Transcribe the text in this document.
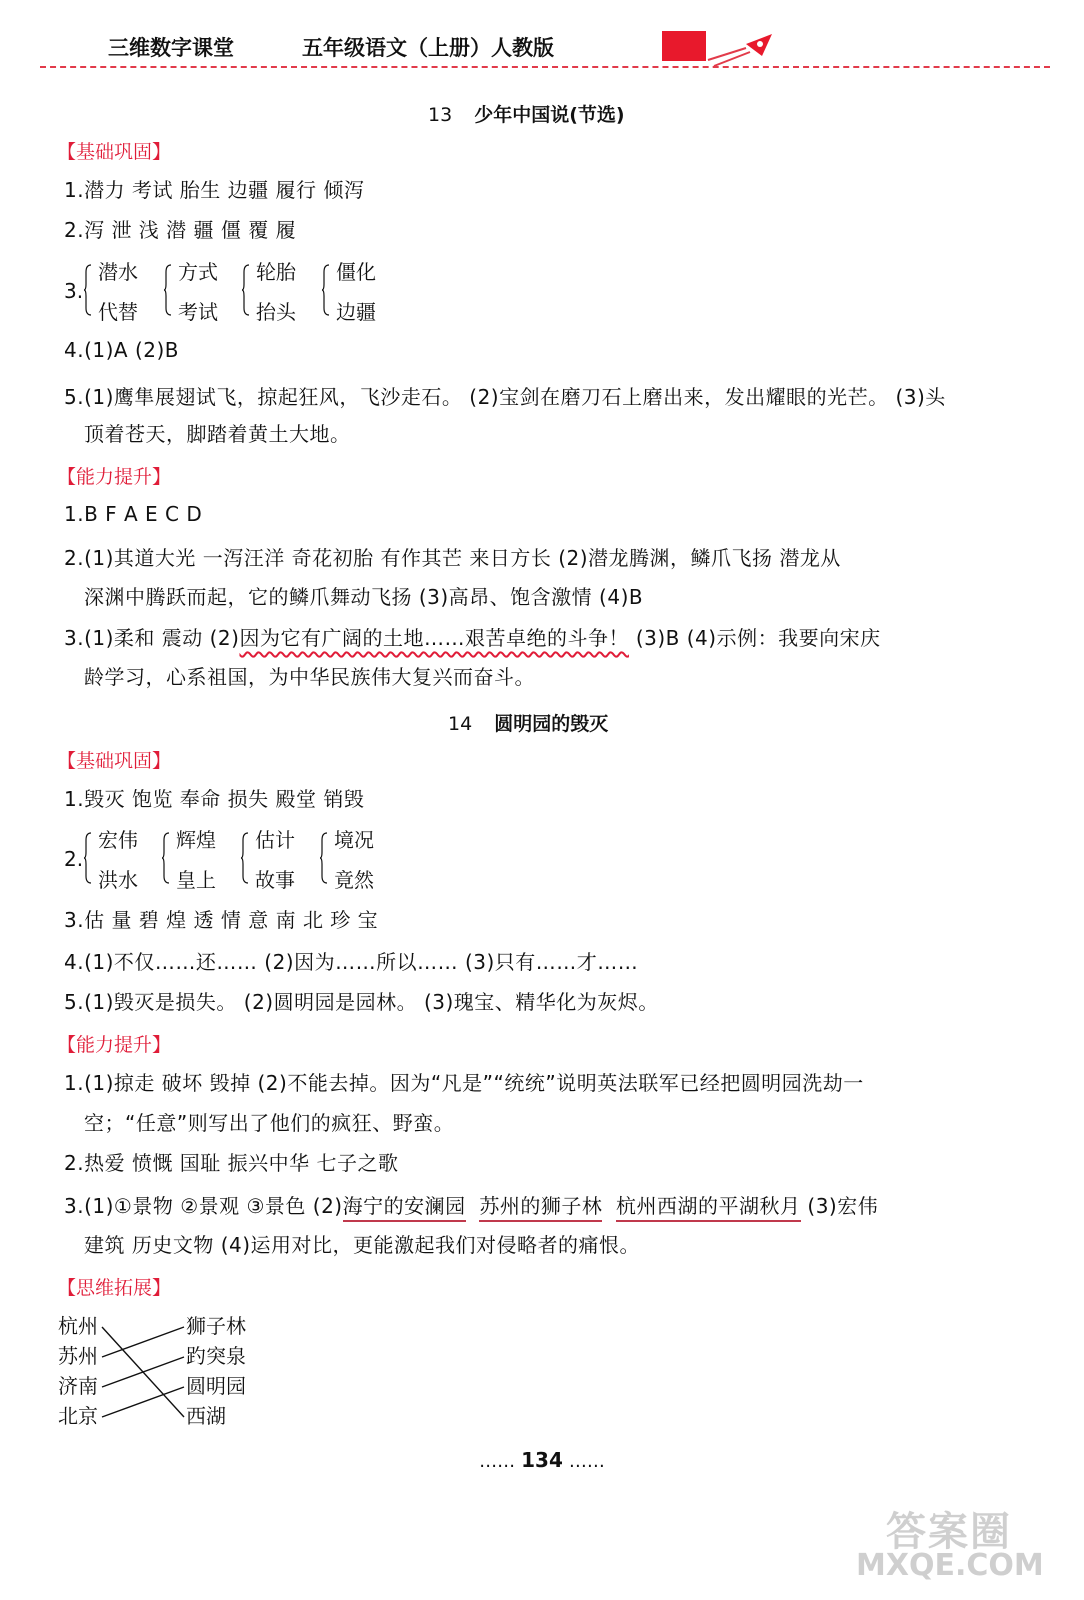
三维数字课堂	五年级语文（上册）人教版
13 少年中国说(节选)
【基础巩固】
1.潜力 考试 胎生 边疆 履行 倾泻
2.泻 泄 浅 潜 疆 僵 覆 履
3.
潜水
代替
方式
考试
轮胎
抬头
僵化
边疆
4.(1)A (2)B
5.(1)鹰隼展翅试飞，掠起狂风，飞沙走石。 (2)宝剑在磨刀石上磨出来，发出耀眼的光芒。 (3)头
顶着苍天，脚踏着黄土大地。
【能力提升】
1.B F A E C D
2.(1)其道大光 一泻汪洋 奇花初胎 有作其芒 来日方长 (2)潜龙腾渊，鳞爪飞扬 潜龙从
深渊中腾跃而起，它的鳞爪舞动飞扬 (3)高昂、饱含激情 (4)B
3.(1)柔和 震动 (2)因为它有广阔的土地……艰苦卓绝的斗争！ (3)B (4)示例：我要向宋庆
龄学习，心系祖国，为中华民族伟大复兴而奋斗。
14 圆明园的毁灭
【基础巩固】
1.毁灭 饱览 奉命 损失 殿堂 销毁
2.
宏伟
洪水
辉煌
皇上
估计
故事
境况
竟然
3.估 量 碧 煌 透 情 意 南 北 珍 宝
4.(1)不仅……还…… (2)因为……所以…… (3)只有……才……
5.(1)毁灭是损失。 (2)圆明园是园林。 (3)瑰宝、精华化为灰烬。
【能力提升】
1.(1)掠走 破坏 毁掉 (2)不能去掉。因为“凡是”“统统”说明英法联军已经把圆明园洗劫一
空；“任意”则写出了他们的疯狂、野蛮。
2.热爱 愤慨 国耻 振兴中华 七子之歌
3.(1)①景物 ②景观 ③景色 (2)海宁的安澜园 苏州的狮子林 杭州西湖的平湖秋月 (3)宏伟
建筑 历史文物 (4)运用对比，更能激起我们对侵略者的痛恨。
【思维拓展】
杭州
苏州
济南
北京
狮子林
趵突泉
圆明园
西湖
…… 134 ……
答案圈
MXQE.COM
